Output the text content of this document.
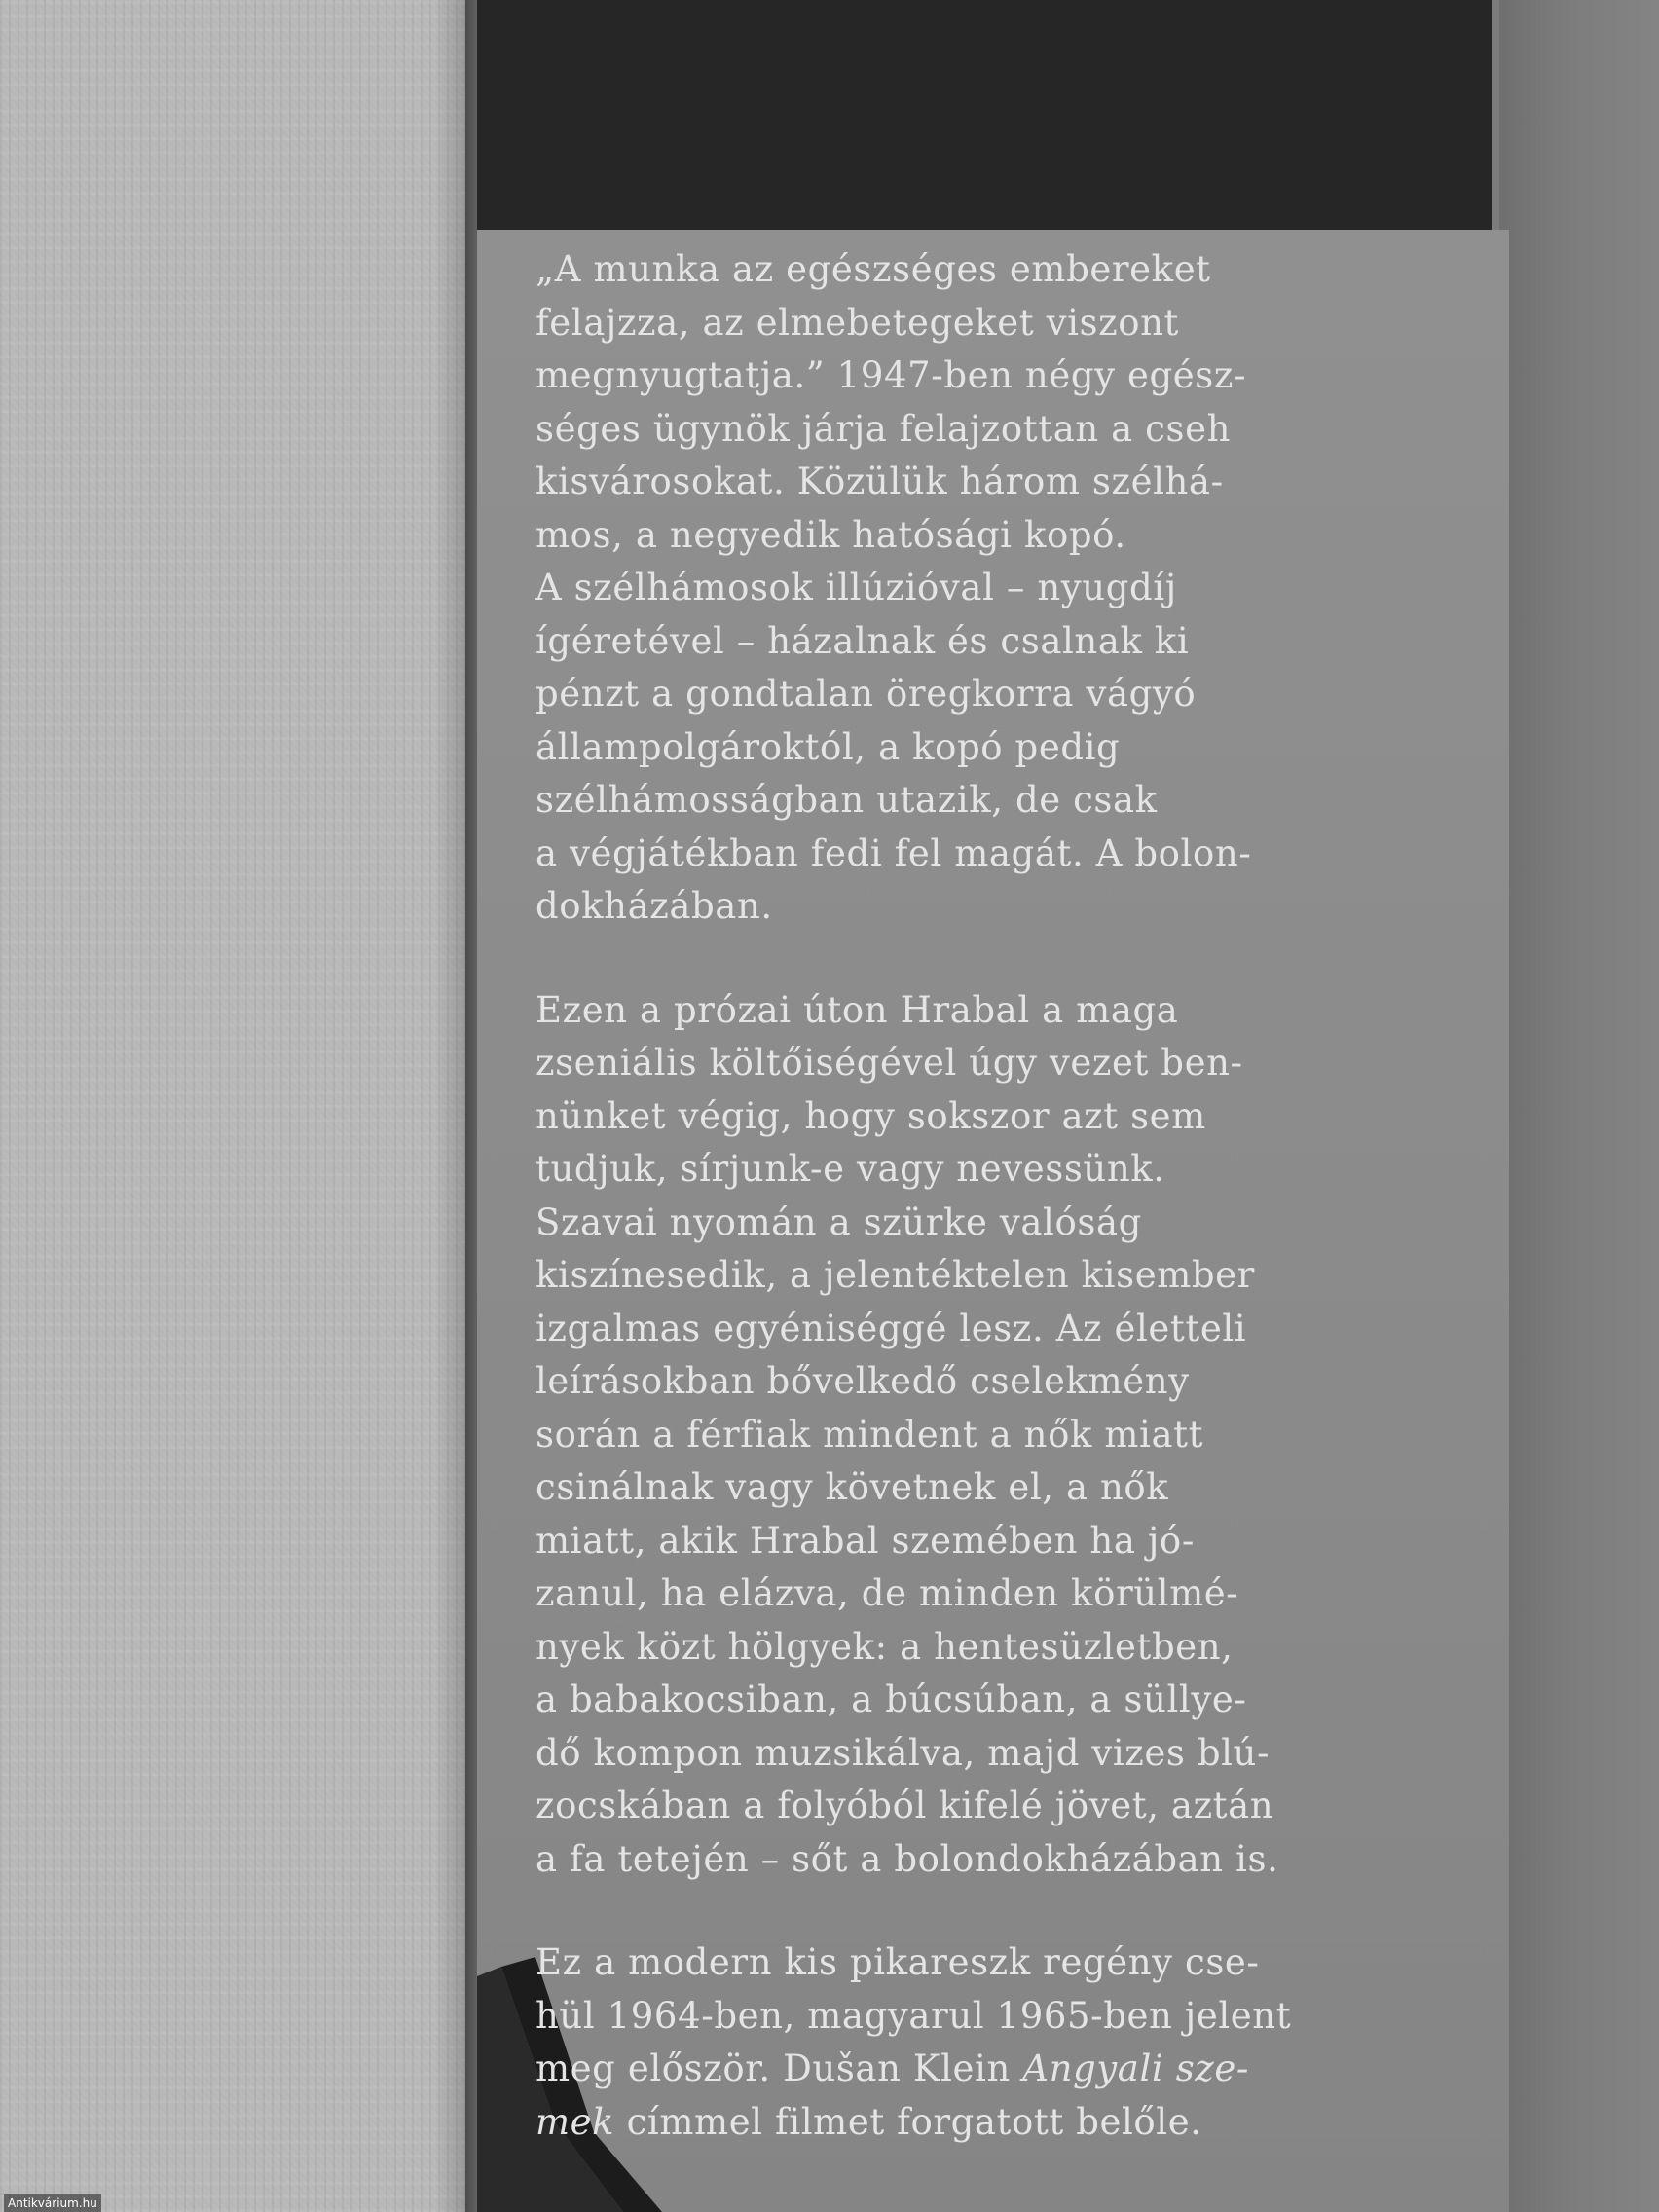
„A munka az egészséges embereket
felajzza, az elmebetegeket viszont
megnyugtatja.” 1947-ben négy egész-
séges ügynök járja felajzottan a cseh
kisvárosokat. Közülük három szélhá-
mos, a negyedik hatósági kopó.
A szélhámosok illúzióval – nyugdíj
ígéretével – házalnak és csalnak ki
pénzt a gondtalan öregkorra vágyó
állampolgároktól, a kopó pedig
szélhámosságban utazik, de csak
a végjátékban fedi fel magát. A bolon-
dokházában.

Ezen a prózai úton Hrabal a maga
zseniális költőiségével úgy vezet ben-
nünket végig, hogy sokszor azt sem
tudjuk, sírjunk-e vagy nevessünk.
Szavai nyomán a szürke valóság
kiszínesedik, a jelentéktelen kisember
izgalmas egyéniséggé lesz. Az életteli
leírásokban bővelkedő cselekmény
során a férfiak mindent a nők miatt
csinálnak vagy követnek el, a nők
miatt, akik Hrabal szemében ha jó-
zanul, ha elázva, de minden körülmé-
nyek közt hölgyek: a hentesüzletben,
a babakocsiban, a búcsúban, a süllye-
dő kompon muzsikálva, majd vizes blú-
zocskában a folyóból kifelé jövet, aztán
a fa tetején – sőt a bolondokházában is.

Ez a modern kis pikareszk regény cse-
hül 1964-ben, magyarul 1965-ben jelent
meg először. Dušan Klein Angyali sze-
mek címmel filmet forgatott belőle.

Antikvárium.hu
